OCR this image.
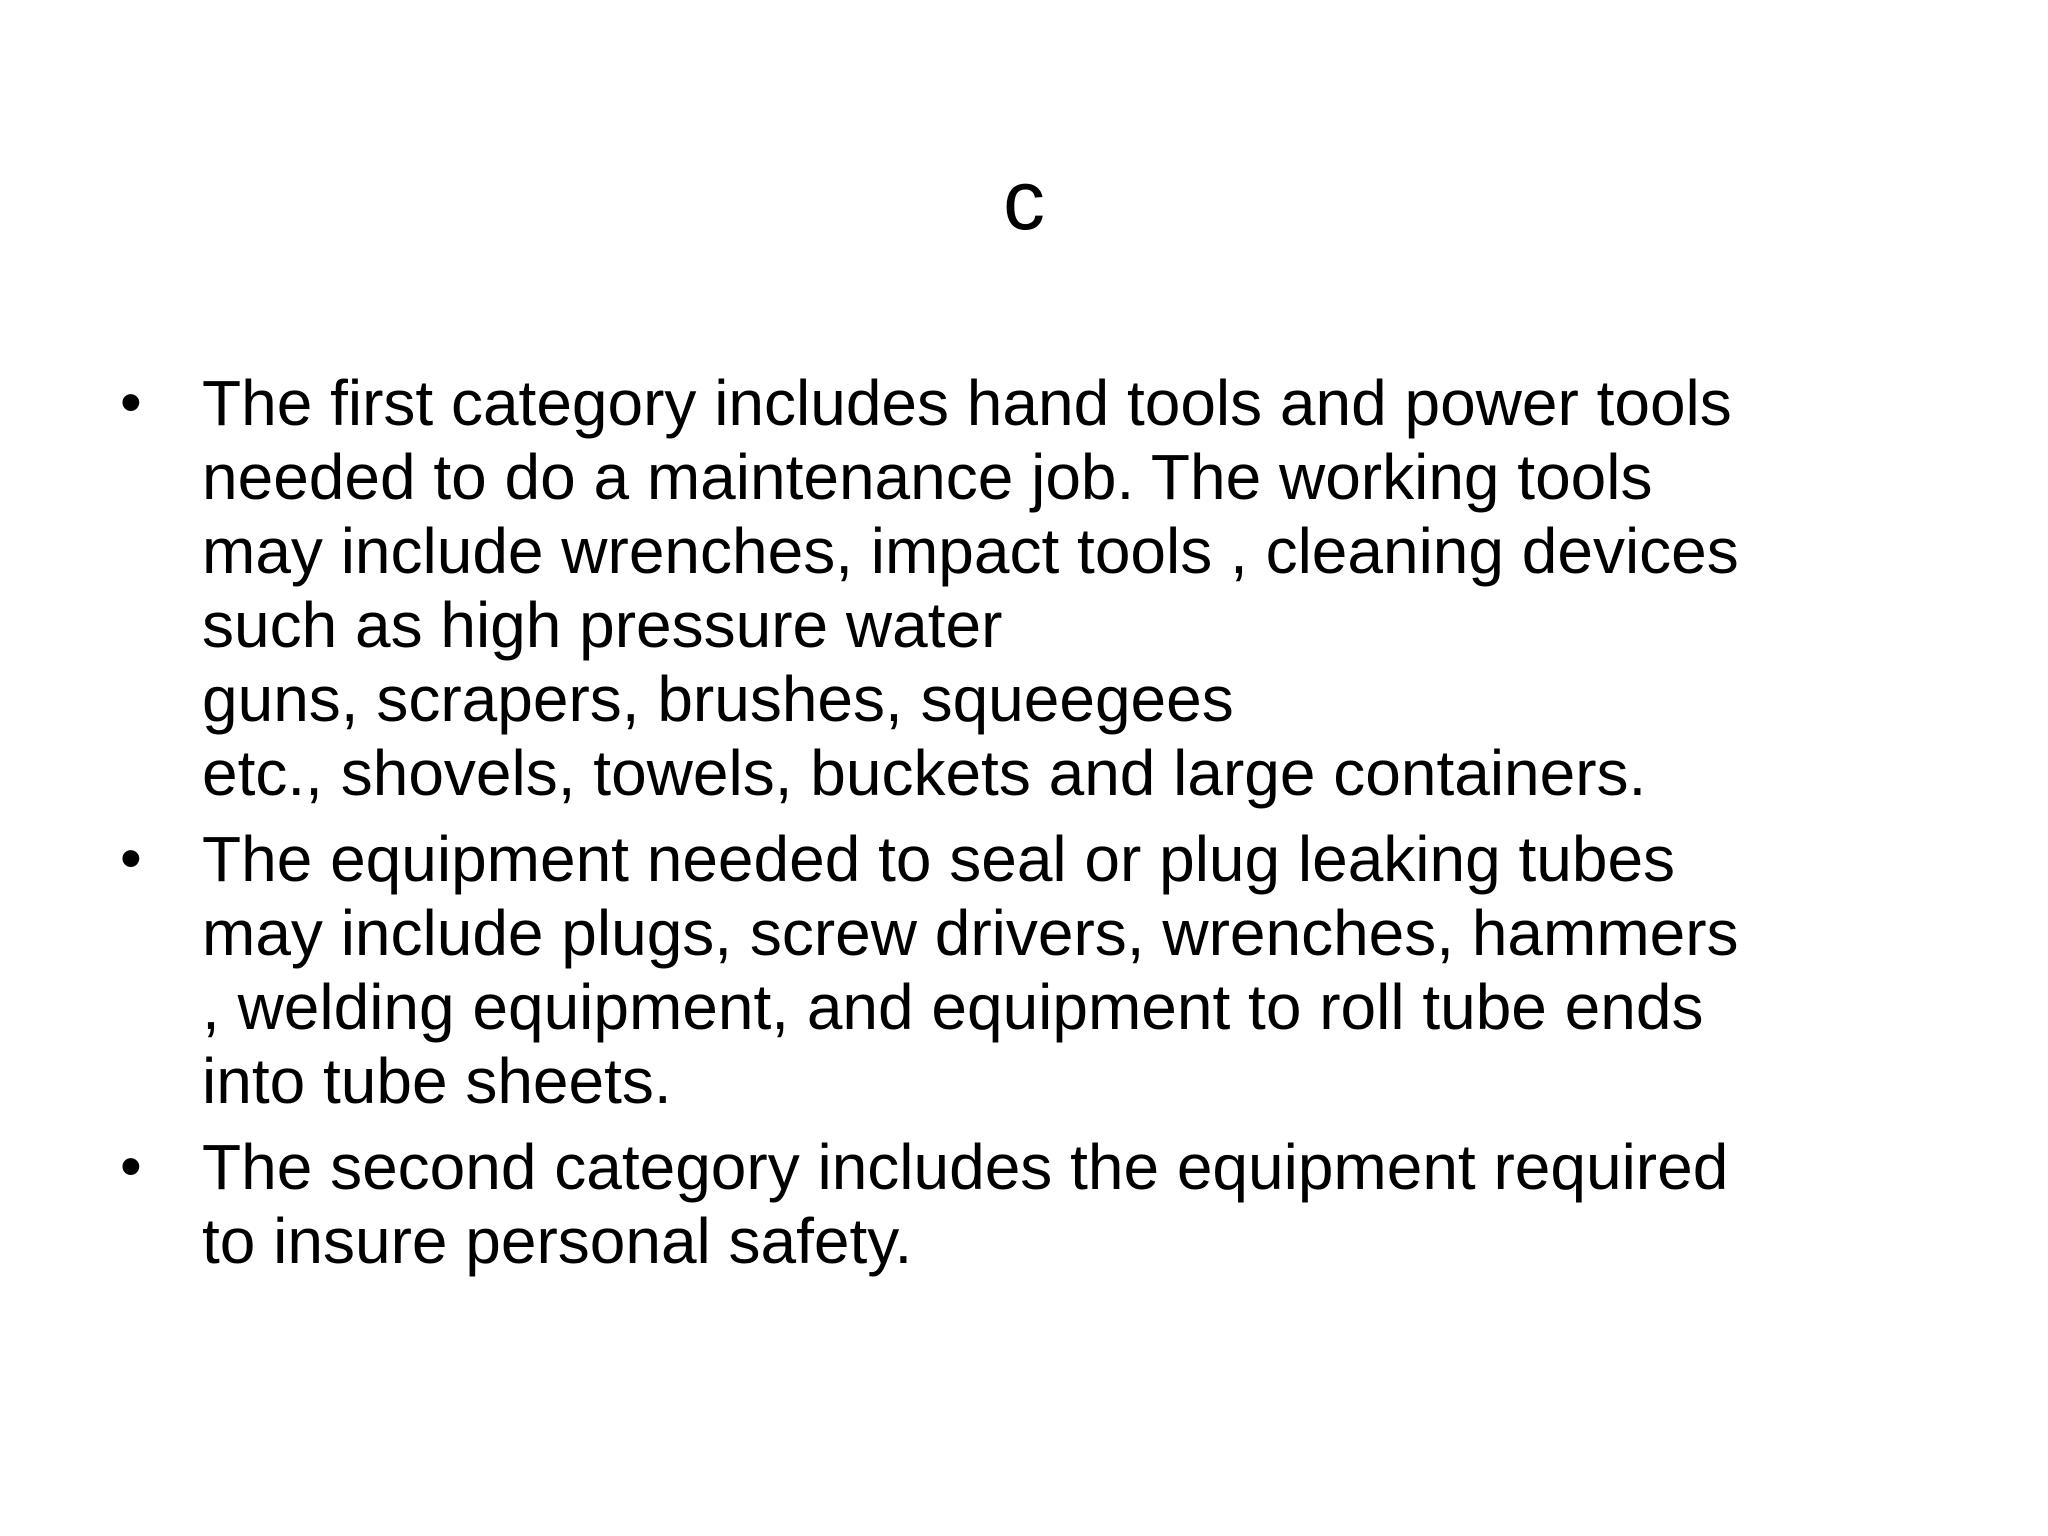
c
• The first category includes hand tools and power tools
needed to do a maintenance job. The working tools
may include wrenches, impact tools , cleaning devices
such as high pressure water
guns, scrapers, brushes, squeegees
etc., shovels, towels, buckets and large containers.
• The equipment needed to seal or plug leaking tubes
may include plugs, screw drivers, wrenches, hammers
, welding equipment, and equipment to roll tube ends
into tube sheets.
• The second category includes the equipment required
to insure personal safety.
